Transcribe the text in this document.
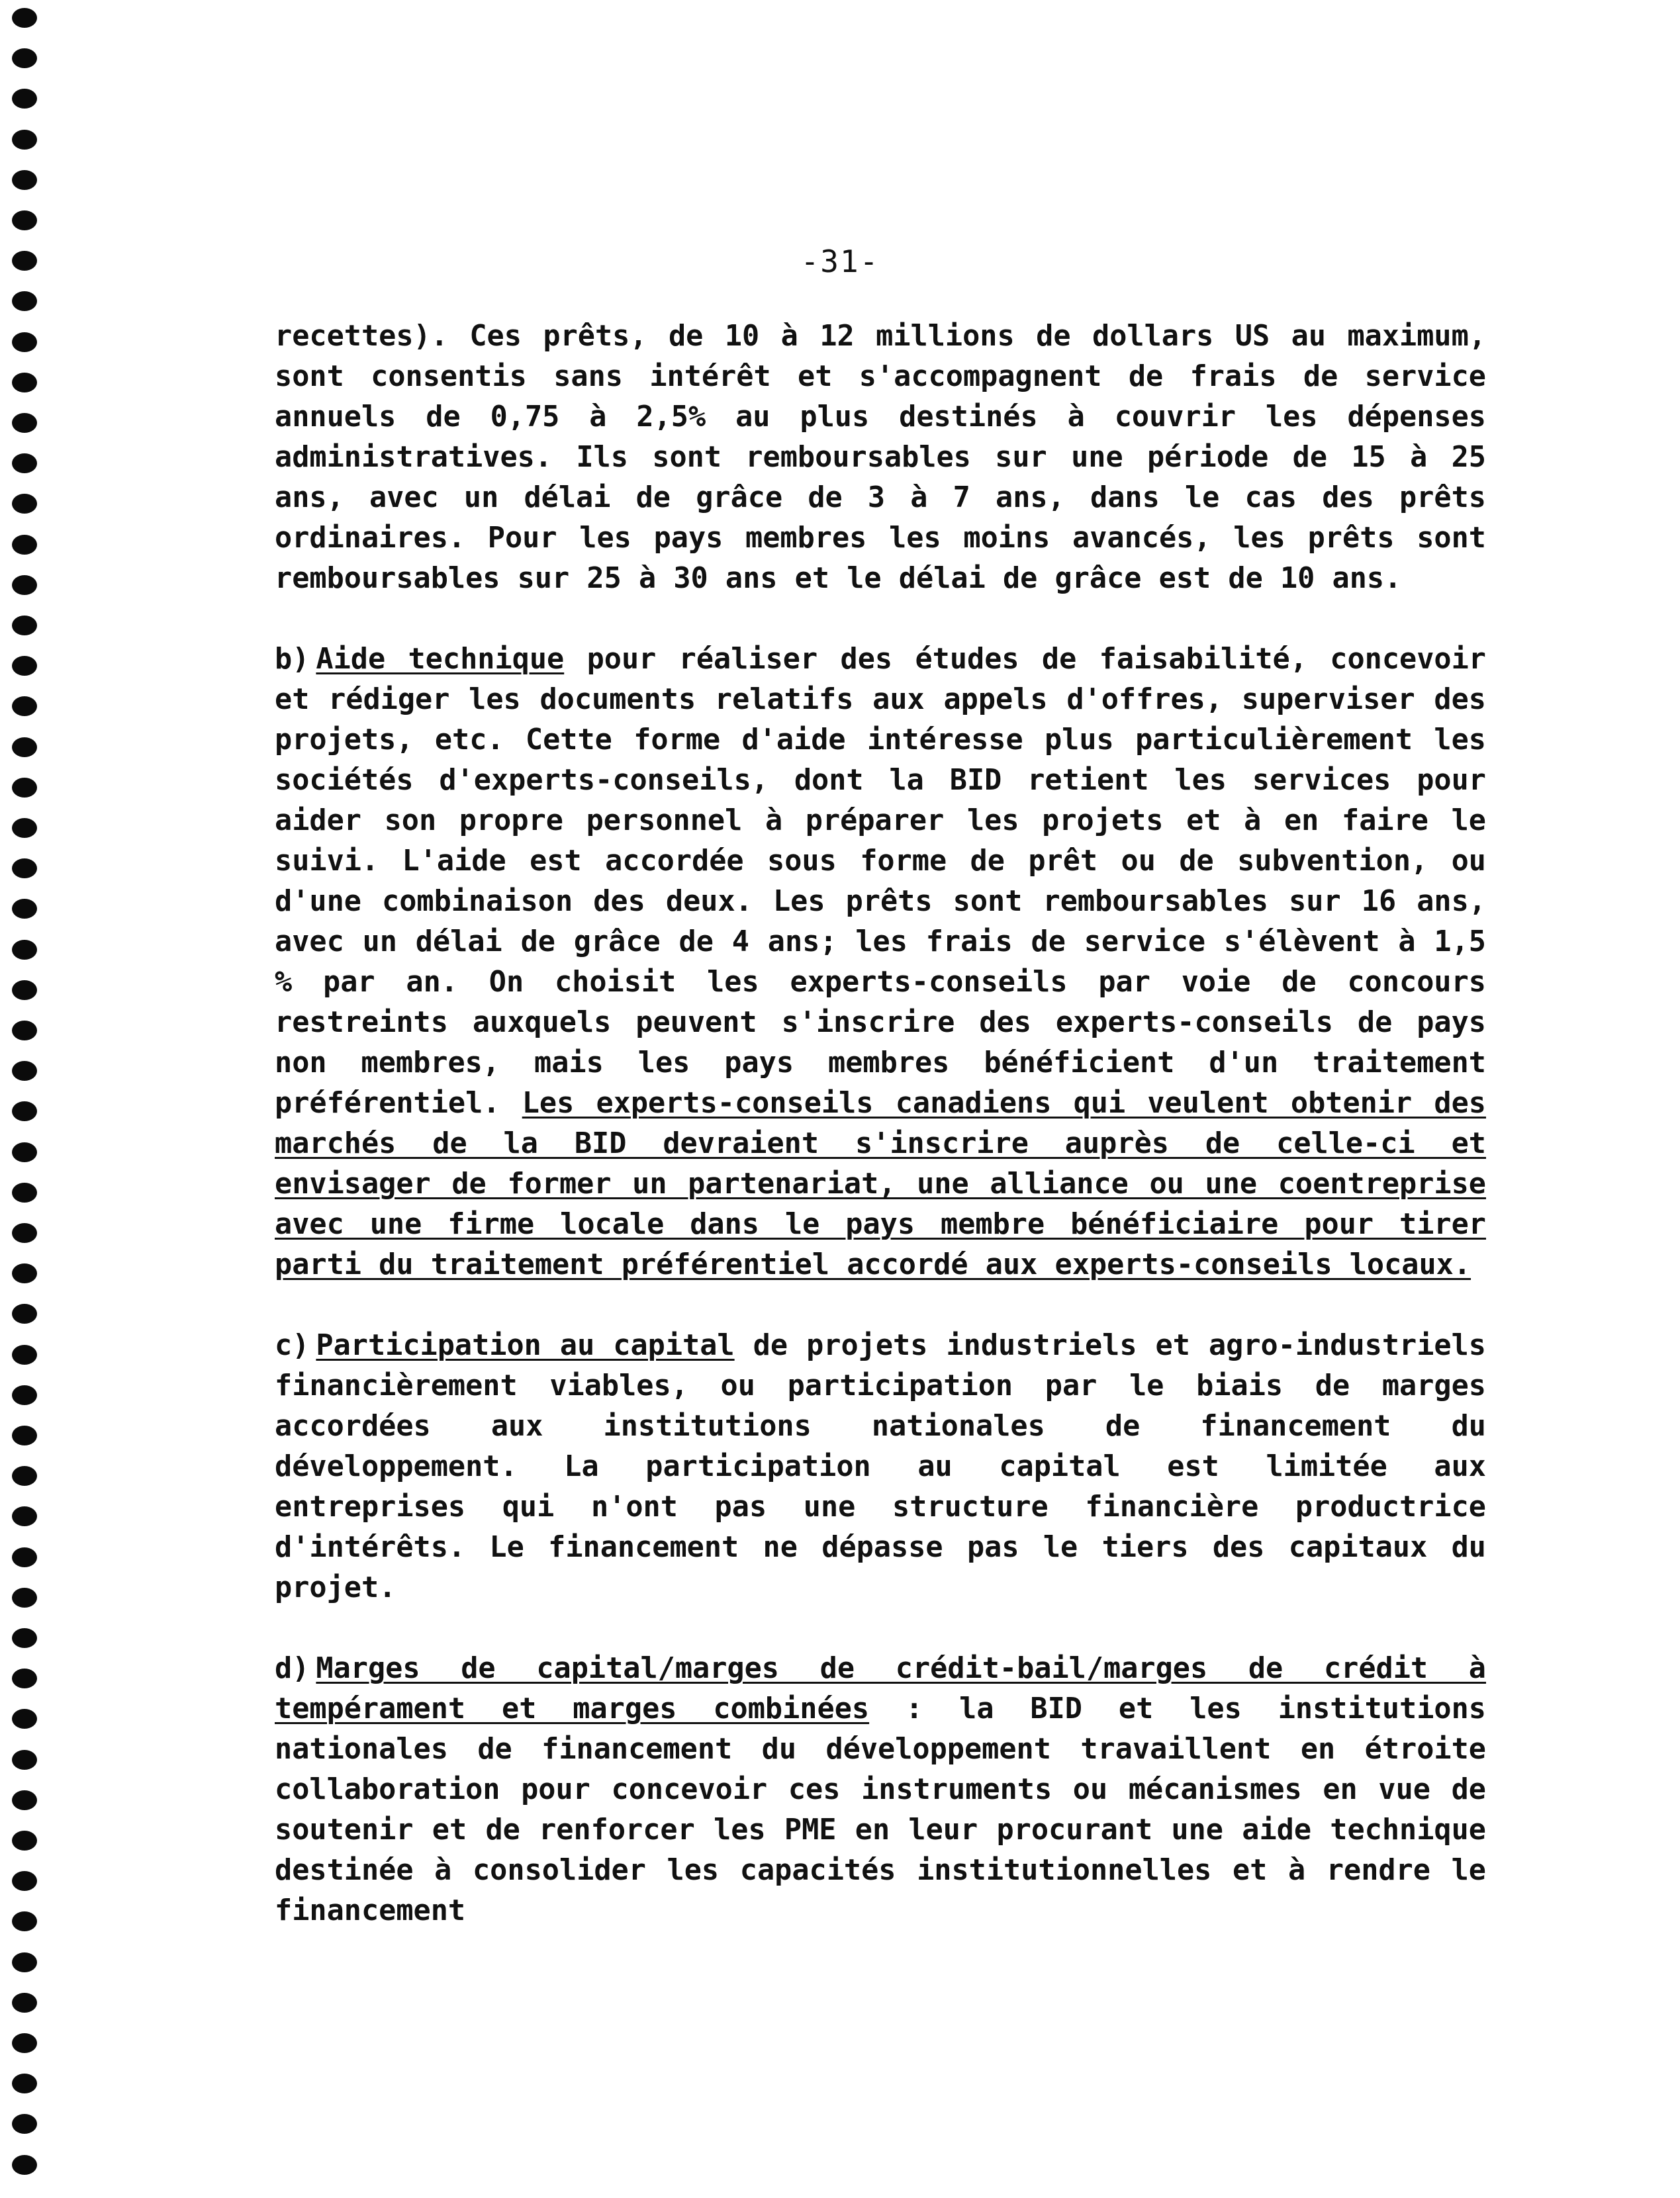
-31-

recettes). Ces prêts, de 10 à 12 millions de dollars US au maximum, sont consentis sans intérêt et s'accompagnent de frais de service annuels de 0,75 à 2,5% au plus destinés à couvrir les dépenses administratives. Ils sont remboursables sur une période de 15 à 25 ans, avec un délai de grâce de 3 à 7 ans, dans le cas des prêts ordinaires. Pour les pays membres les moins avancés, les prêts sont remboursables sur 25 à 30 ans et le délai de grâce est de 10 ans.

b) Aide technique pour réaliser des études de faisabilité, concevoir et rédiger les documents relatifs aux appels d'offres, superviser des projets, etc. Cette forme d'aide intéresse plus particulièrement les sociétés d'experts-conseils, dont la BID retient les services pour aider son propre personnel à préparer les projets et à en faire le suivi. L'aide est accordée sous forme de prêt ou de subvention, ou d'une combinaison des deux. Les prêts sont remboursables sur 16 ans, avec un délai de grâce de 4 ans; les frais de service s'élèvent à 1,5 % par an. On choisit les experts-conseils par voie de concours restreints auxquels peuvent s'inscrire des experts-conseils de pays non membres, mais les pays membres bénéficient d'un traitement préférentiel. Les experts-conseils canadiens qui veulent obtenir des marchés de la BID devraient s'inscrire auprès de celle-ci et envisager de former un partenariat, une alliance ou une coentreprise avec une firme locale dans le pays membre bénéficiaire pour tirer parti du traitement préférentiel accordé aux experts-conseils locaux.

c) Participation au capital de projets industriels et agro-industriels financièrement viables, ou participation par le biais de marges accordées aux institutions nationales de financement du développement. La participation au capital est limitée aux entreprises qui n'ont pas une structure financière productrice d'intérêts. Le financement ne dépasse pas le tiers des capitaux du projet.

d) Marges de capital/marges de crédit-bail/marges de crédit à tempérament et marges combinées : la BID et les institutions nationales de financement du développement travaillent en étroite collaboration pour concevoir ces instruments ou mécanismes en vue de soutenir et de renforcer les PME en leur procurant une aide technique destinée à consolider les capacités institutionnelles et à rendre le financement
